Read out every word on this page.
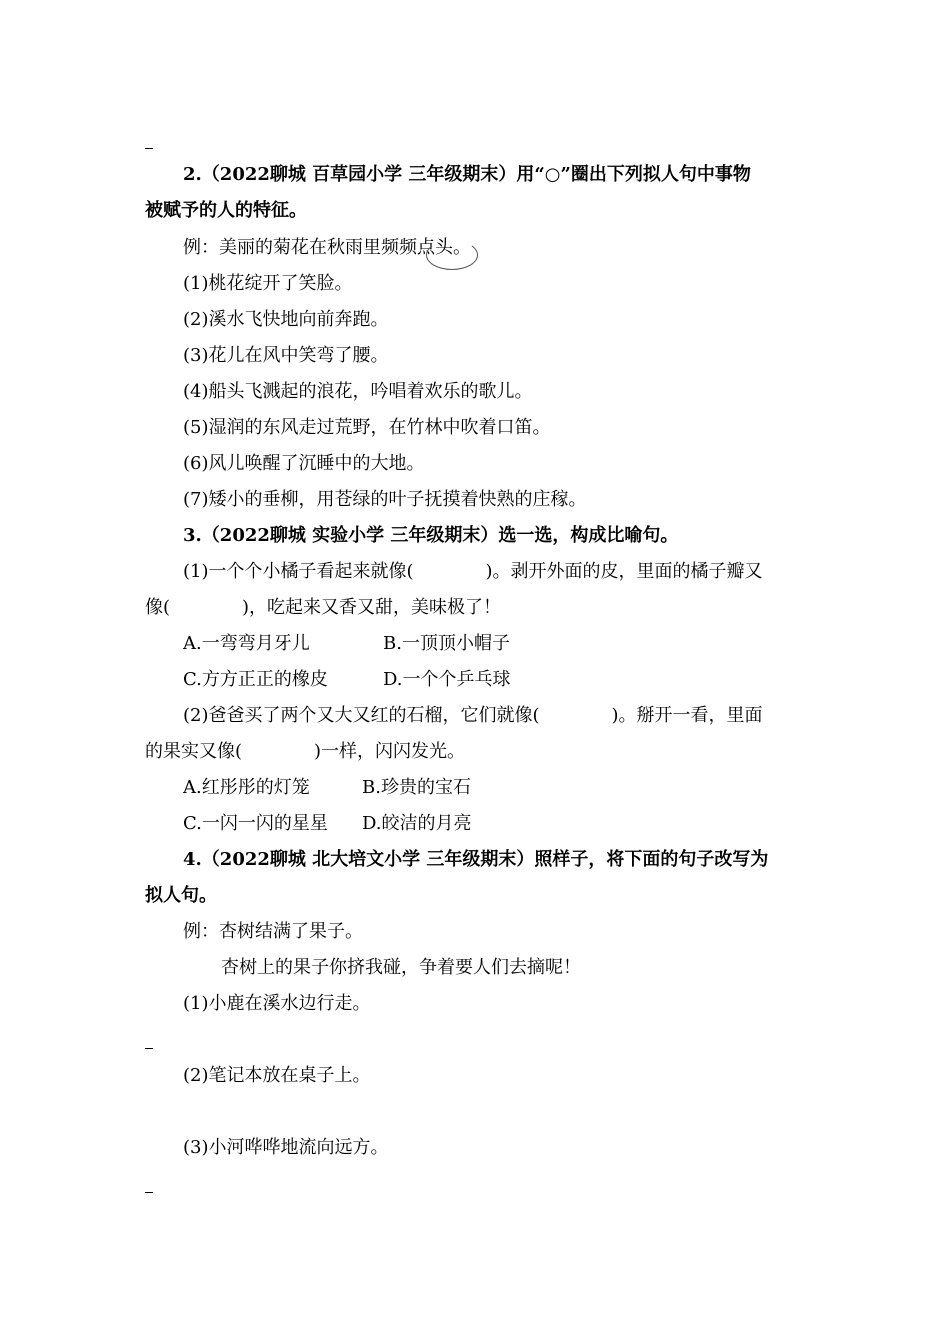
2.（2022聊城 百草园小学 三年级期末）用“○”圈出下列拟人句中事物
被赋予的人的特征。
例：美丽的菊花在秋雨里频频点头。
(1)桃花绽开了笑脸。
(2)溪水飞快地向前奔跑。
(3)花儿在风中笑弯了腰。
(4)船头飞溅起的浪花，吟唱着欢乐的歌儿。
(5)湿润的东风走过荒野，在竹林中吹着口笛。
(6)风儿唤醒了沉睡中的大地。
(7)矮小的垂柳，用苍绿的叶子抚摸着快熟的庄稼。
3.（2022聊城 实验小学 三年级期末）选一选，构成比喻句。
(1)一个个小橘子看起来就像(　　　　)。剥开外面的皮，里面的橘子瓣又
像(　　　　)，吃起来又香又甜，美味极了！
A.一弯弯月牙儿	B.一顶顶小帽子
C.方方正正的橡皮	D.一个个乒乓球
(2)爸爸买了两个又大又红的石榴，它们就像(　　　　)。掰开一看，里面
的果实又像(　　　　)一样，闪闪发光。
A.红彤彤的灯笼	B.珍贵的宝石
C.一闪一闪的星星 D.皎洁的月亮
4.（2022聊城 北大培文小学 三年级期末）照样子，将下面的句子改写为
拟人句。
例：杏树结满了果子。
杏树上的果子你挤我碰，争着要人们去摘呢！
(1)小鹿在溪水边行走。
(2)笔记本放在桌子上。
(3)小河哗哗地流向远方。
